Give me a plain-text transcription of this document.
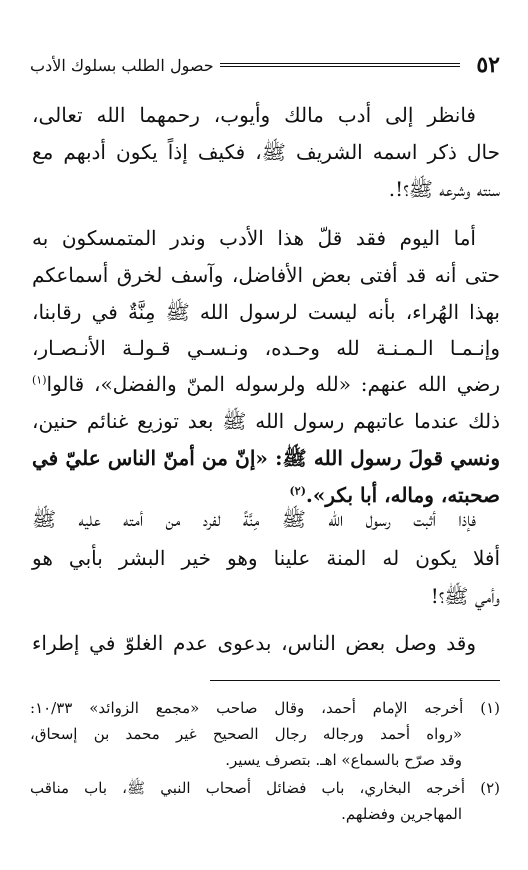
٥٢
حصول الطلب بسلوك الأدب
فانظر إلى أدب مالك وأيوب، رحمهما الله تعالى،
حال ذكر اسمه الشريف ﷺ، فكيف إذاً يكون أدبهم مع
سنته وشرعه ﷺ؟!.
أما اليوم فقد قلّ هذا الأدب وندر المتمسكون به
حتى أنه قد أفتى بعض الأفاضل، وآسف لخرق أسماعكم
بهذا الهُراء، بأنه ليست لرسول الله ﷺ مِنَّةٌ في رقابنا،
وإنـمـا الـمـنـة لله وحـده، ونـسـي قـولـة الأنـصـار،
رضي الله عنهم: «لله ولرسوله المنّ والفضل»، قالوا$^{(١)}$
ذلك عندما عاتبهم رسول الله ﷺ بعد توزيع غنائم حنين،
ونسي قولَ رسول الله ﷺ: «إنّ من أمنّ الناس عليّ في
صحبته، وماله، أبا بكر».$^{(٢)}$
فإذا أثبت رسول الله ﷺ مِنَّةً لفرد من أمته عليه ﷺ
أفلا يكون له المنة علينا وهو خير البشر بأبي هو
وأمي ﷺ؟!
وقد وصل بعض الناس، بدعوى عدم الغلوّ في إطراء
(١) أخرجه الإمام أحمد، وقال صاحب «مجمع الزوائد» ١٠/٣٣:
«رواه أحمد ورجاله رجال الصحيح غير محمد بن إسحاق،
وقد صرّح بالسماع» اهـ. بتصرف يسير.
(٢) أخرجه البخاري، باب فضائل أصحاب النبي ﷺ، باب مناقب
المهاجرين وفضلهم.
